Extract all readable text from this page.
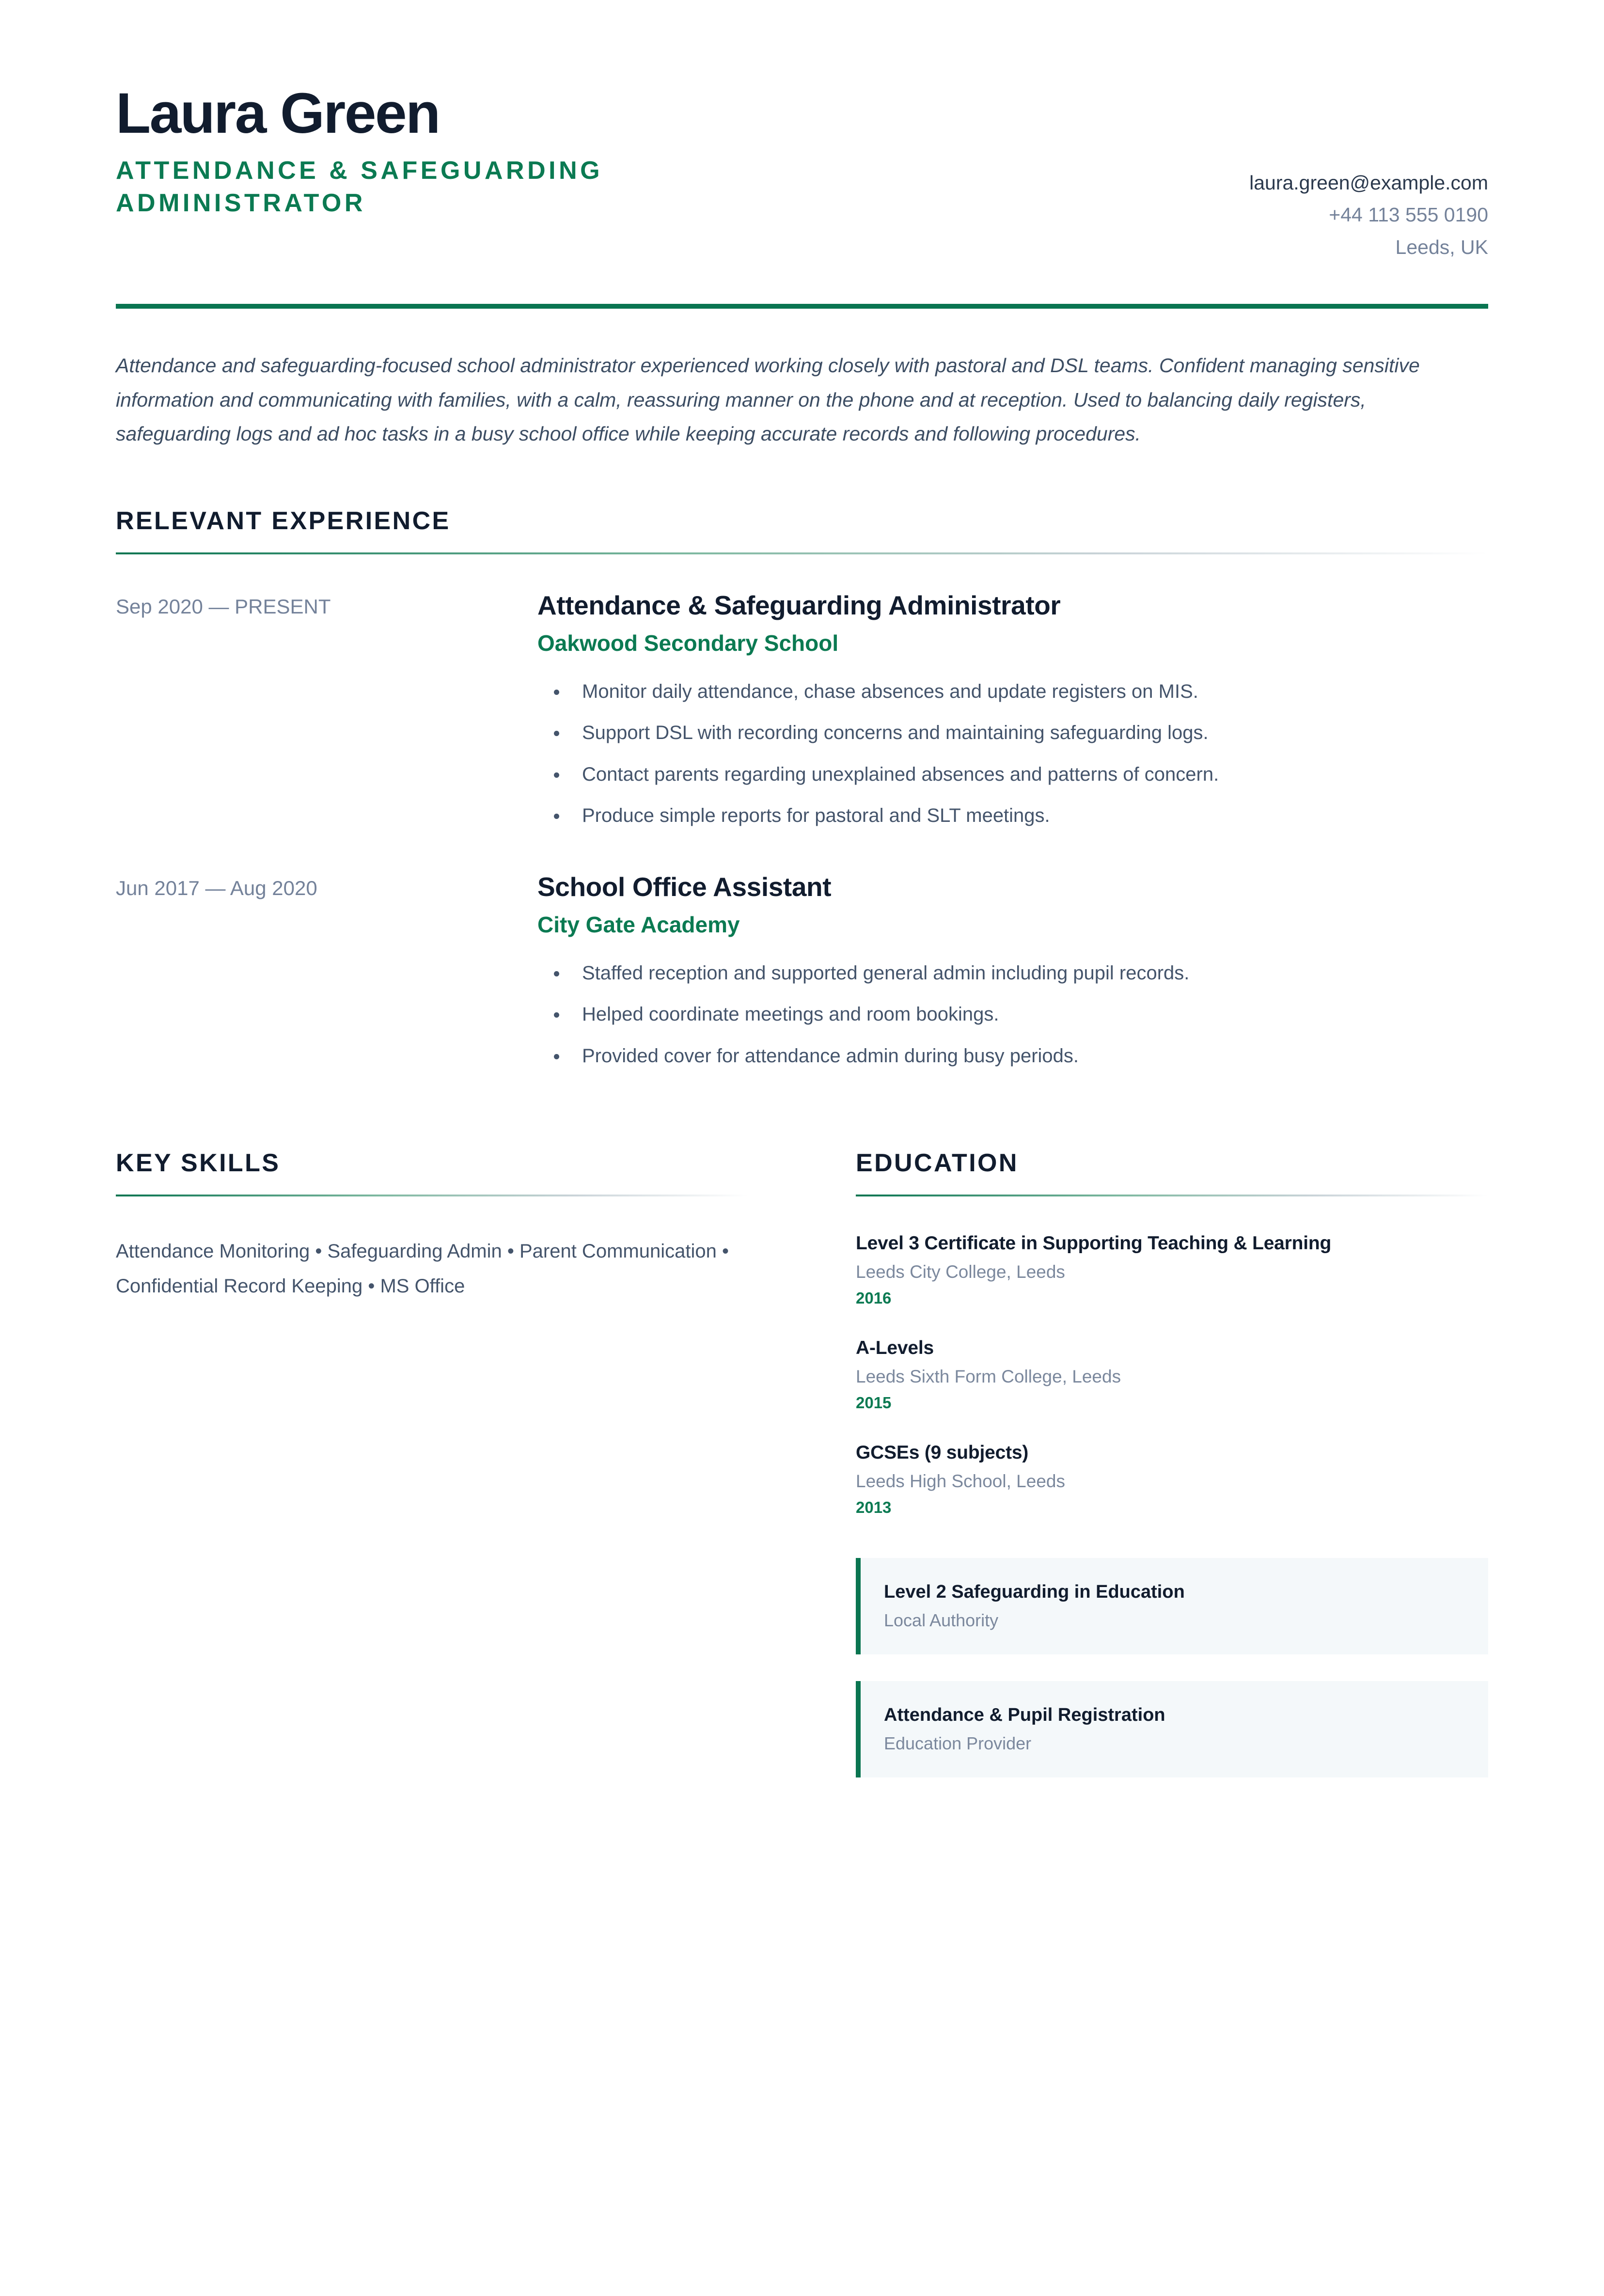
Laura Green
ATTENDANCE & SAFEGUARDING ADMINISTRATOR
laura.green@example.com
+44 113 555 0190
Leeds, UK
Attendance and safeguarding-focused school administrator experienced working closely with pastoral and DSL teams. Confident managing sensitive information and communicating with families, with a calm, reassuring manner on the phone and at reception. Used to balancing daily registers, safeguarding logs and ad hoc tasks in a busy school office while keeping accurate records and following procedures.
RELEVANT EXPERIENCE
Sep 2020 — PRESENT	Attendance & Safeguarding Administrator
Oakwood Secondary School
Monitor daily attendance, chase absences and update registers on MIS.
Support DSL with recording concerns and maintaining safeguarding logs.
Contact parents regarding unexplained absences and patterns of concern.
Produce simple reports for pastoral and SLT meetings.
Jun 2017 — Aug 2020	School Office Assistant
City Gate Academy
Staffed reception and supported general admin including pupil records.
Helped coordinate meetings and room bookings.
Provided cover for attendance admin during busy periods.
KEY SKILLS
Attendance Monitoring • Safeguarding Admin • Parent Communication • Confidential Record Keeping • MS Office
EDUCATION
Level 3 Certificate in Supporting Teaching & Learning
Leeds City College, Leeds
2016
A-Levels
Leeds Sixth Form College, Leeds
2015
GCSEs (9 subjects)
Leeds High School, Leeds
2013
Level 2 Safeguarding in Education
Local Authority
Attendance & Pupil Registration
Education Provider
